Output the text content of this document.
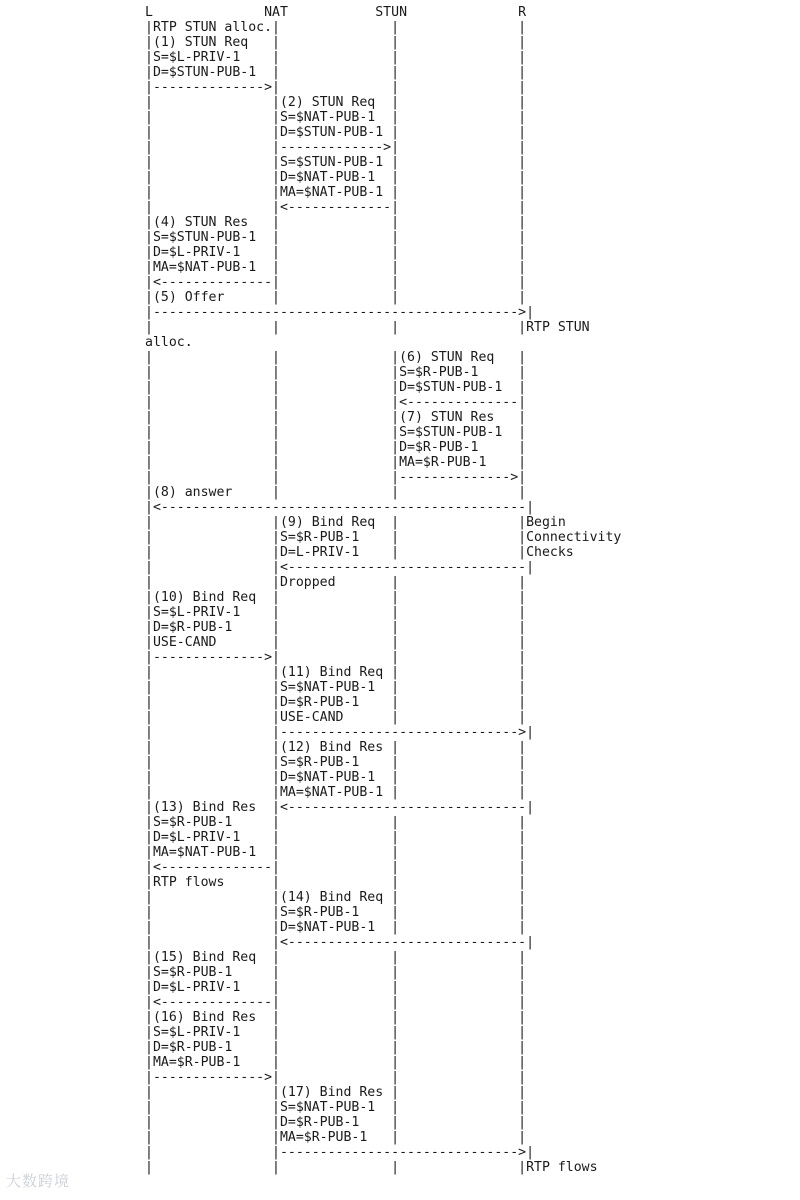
L              NAT           STUN              R
|RTP STUN alloc.|              |               |
|(1) STUN Req   |              |               |
|S=$L-PRIV-1    |              |               |
|D=$STUN-PUB-1  |              |               |
|-------------->|              |               |
|               |(2) STUN Req  |               |
|               |S=$NAT-PUB-1  |               |
|               |D=$STUN-PUB-1 |               |
|               |------------->|               |
|               |S=$STUN-PUB-1 |               |
|               |D=$NAT-PUB-1  |               |
|               |MA=$NAT-PUB-1 |               |
|               |<-------------|               |
|(4) STUN Res   |              |               |
|S=$STUN-PUB-1  |              |               |
|D=$L-PRIV-1    |              |               |
|MA=$NAT-PUB-1  |              |               |
|<--------------|              |               |
|(5) Offer      |              |               |
|---------------------------------------------->|
|               |              |               |RTP STUN
alloc.
|               |              |(6) STUN Req   |
|               |              |S=$R-PUB-1     |
|               |              |D=$STUN-PUB-1  |
|               |              |<--------------|
|               |              |(7) STUN Res   |
|               |              |S=$STUN-PUB-1  |
|               |              |D=$R-PUB-1     |
|               |              |MA=$R-PUB-1    |
|               |              |-------------->|
|(8) answer     |              |               |
|<----------------------------------------------|
|               |(9) Bind Req  |               |Begin
|               |S=$R-PUB-1    |               |Connectivity
|               |D=L-PRIV-1    |               |Checks
|               |<------------------------------|
|               |Dropped       |               |
|(10) Bind Req  |              |               |
|S=$L-PRIV-1    |              |               |
|D=$R-PUB-1     |              |               |
|USE-CAND       |              |               |
|-------------->|              |               |
|               |(11) Bind Req |               |
|               |S=$NAT-PUB-1  |               |
|               |D=$R-PUB-1    |               |
|               |USE-CAND      |               |
|               |------------------------------>|
|               |(12) Bind Res |               |
|               |S=$R-PUB-1    |               |
|               |D=$NAT-PUB-1  |               |
|               |MA=$NAT-PUB-1 |               |
|(13) Bind Res  |<------------------------------|
|S=$R-PUB-1     |              |               |
|D=$L-PRIV-1    |              |               |
|MA=$NAT-PUB-1  |              |               |
|<--------------|              |               |
|RTP flows      |              |               |
|               |(14) Bind Req |               |
|               |S=$R-PUB-1    |               |
|               |D=$NAT-PUB-1  |               |
|               |<------------------------------|
|(15) Bind Req  |              |               |
|S=$R-PUB-1     |              |               |
|D=$L-PRIV-1    |              |               |
|<--------------|              |               |
|(16) Bind Res  |              |               |
|S=$L-PRIV-1    |              |               |
|D=$R-PUB-1     |              |               |
|MA=$R-PUB-1    |              |               |
|-------------->|              |               |
|               |(17) Bind Res |               |
|               |S=$NAT-PUB-1  |               |
|               |D=$R-PUB-1    |               |
|               |MA=$R-PUB-1   |               |
|               |------------------------------>|
|               |              |               |RTP flows
大数跨境
